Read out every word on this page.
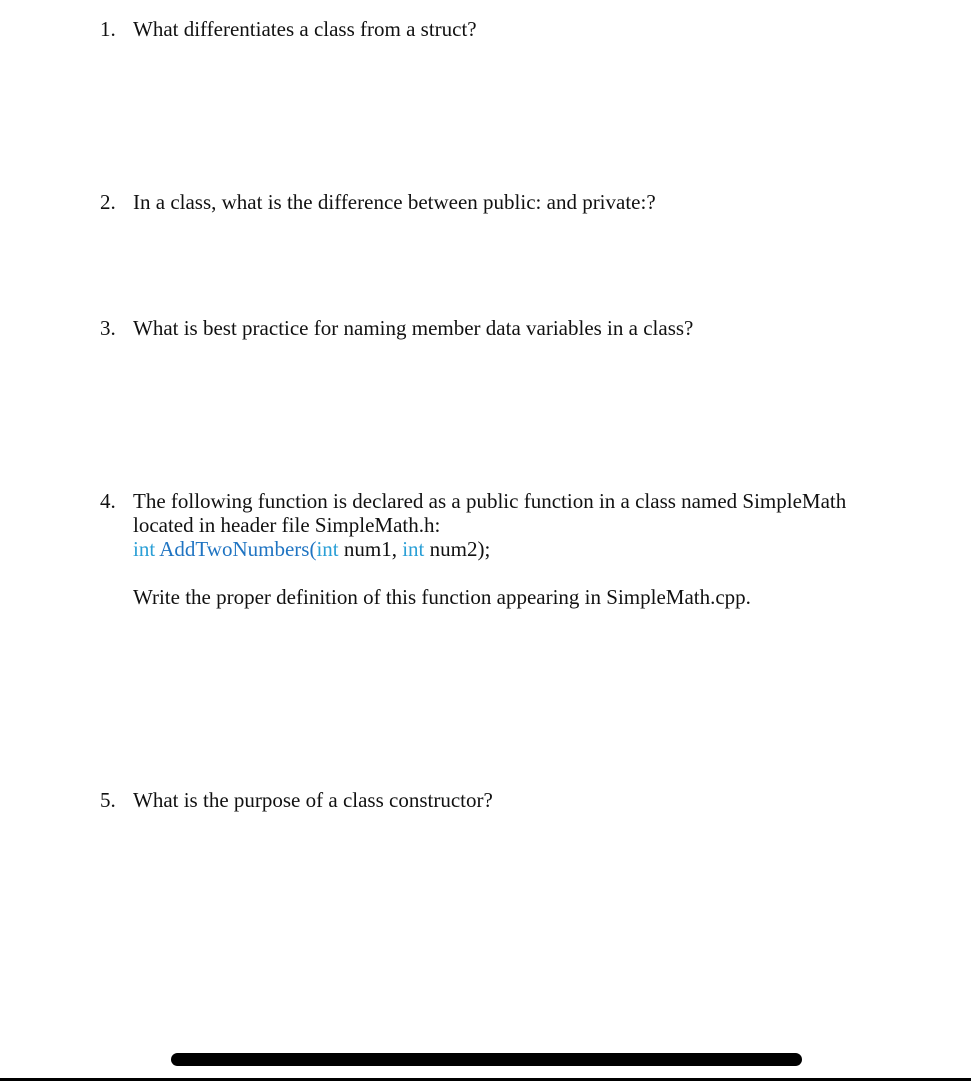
1. What differentiates a class from a struct?
2. In a class, what is the difference between public: and private:?
3. What is best practice for naming member data variables in a class?
4. The following function is declared as a public function in a class named SimpleMath
located in header file SimpleMath.h:
int AddTwoNumbers(int num1, int num2);
Write the proper definition of this function appearing in SimpleMath.cpp.
5. What is the purpose of a class constructor?
